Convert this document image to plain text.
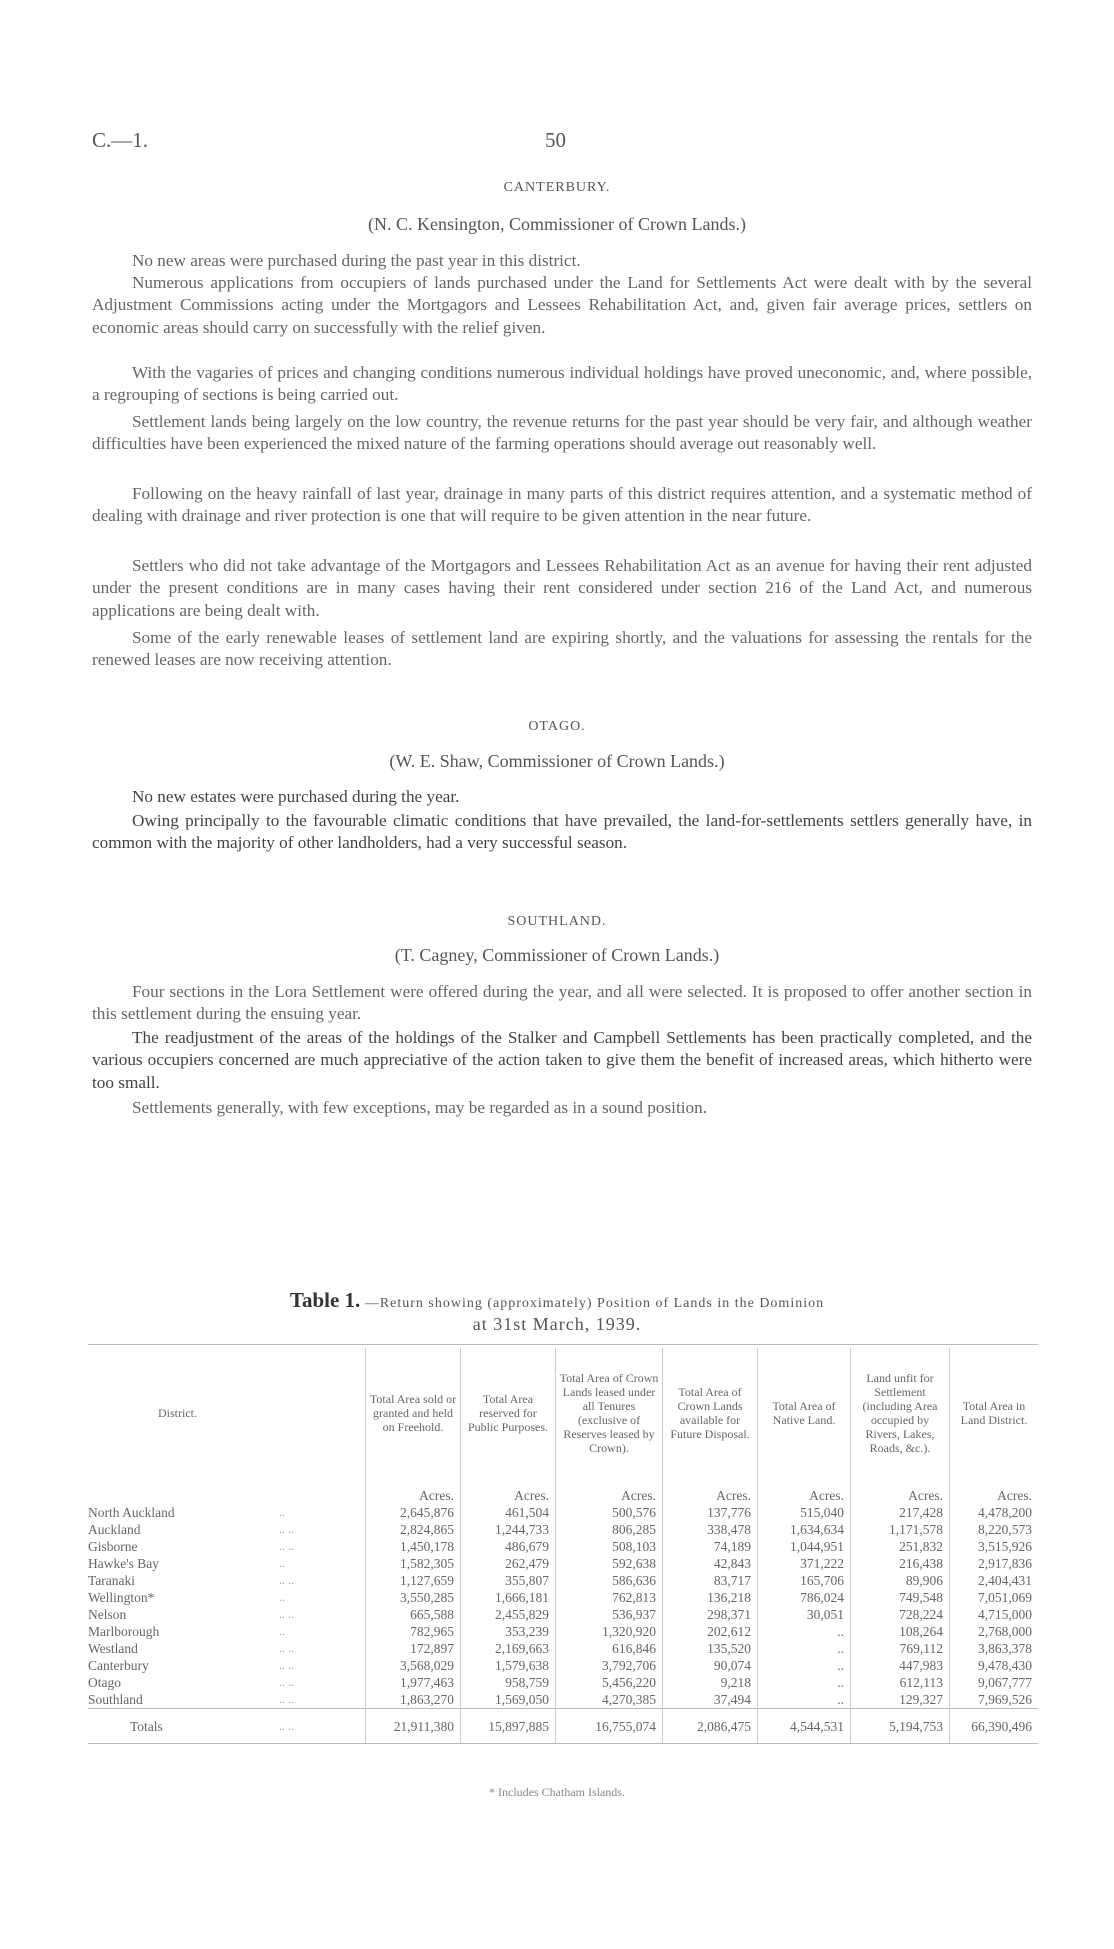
C.—1.	50
CANTERBURY.
(N. C. Kensington, Commissioner of Crown Lands.)
No new areas were purchased during the past year in this district.
Numerous applications from occupiers of lands purchased under the Land for Settlements Act were dealt with by the several Adjustment Commissions acting under the Mortgagors and Lessees Rehabilitation Act, and, given fair average prices, settlers on economic areas should carry on successfully with the relief given.
With the vagaries of prices and changing conditions numerous individual holdings have proved uneconomic, and, where possible, a regrouping of sections is being carried out.
Settlement lands being largely on the low country, the revenue returns for the past year should be very fair, and although weather difficulties have been experienced the mixed nature of the farming operations should average out reasonably well.
Following on the heavy rainfall of last year, drainage in many parts of this district requires attention, and a systematic method of dealing with drainage and river protection is one that will require to be given attention in the near future.
Settlers who did not take advantage of the Mortgagors and Lessees Rehabilitation Act as an avenue for having their rent adjusted under the present conditions are in many cases having their rent considered under section 216 of the Land Act, and numerous applications are being dealt with.
Some of the early renewable leases of settlement land are expiring shortly, and the valuations for assessing the rentals for the renewed leases are now receiving attention.
OTAGO.
(W. E. Shaw, Commissioner of Crown Lands.)
No new estates were purchased during the year.
Owing principally to the favourable climatic conditions that have prevailed, the land-for-settlements settlers generally have, in common with the majority of other landholders, had a very successful season.
SOUTHLAND.
(T. Cagney, Commissioner of Crown Lands.)
Four sections in the Lora Settlement were offered during the year, and all were selected. It is proposed to offer another section in this settlement during the ensuing year.
The readjustment of the areas of the holdings of the Stalker and Campbell Settlements has been practically completed, and the various occupiers concerned are much appreciative of the action taken to give them the benefit of increased areas, which hitherto were too small.
Settlements generally, with few exceptions, may be regarded as in a sound position.
Table 1. —Return showing (approximately) Position of Lands in the Dominion
at 31st March, 1939.
District.		Total Area sold or granted and held on Freehold.	Total Area reserved for Public Purposes.	Total Area of Crown Lands leased under all Tenures (exclusive of Reserves leased by Crown).	Total Area of Crown Lands available for Future Disposal.	Total Area of Native Land.	Land unfit for Settlement (including Area occupied by Rivers, Lakes, Roads, &c.).	Total Area in Land District.
		Acres.	Acres.	Acres.	Acres.	Acres.	Acres.	Acres.
North Auckland	..	2,645,876	461,504	500,576	137,776	515,040	217,428	4,478,200
Auckland	.. ..	2,824,865	1,244,733	806,285	338,478	1,634,634	1,171,578	8,220,573
Gisborne	.. ..	1,450,178	486,679	508,103	74,189	1,044,951	251,832	3,515,926
Hawke's Bay	..	1,582,305	262,479	592,638	42,843	371,222	216,438	2,917,836
Taranaki	.. ..	1,127,659	355,807	586,636	83,717	165,706	89,906	2,404,431
Wellington*	..	3,550,285	1,666,181	762,813	136,218	786,024	749,548	7,051,069
Nelson	.. ..	665,588	2,455,829	536,937	298,371	30,051	728,224	4,715,000
Marlborough	..	782,965	353,239	1,320,920	202,612	..	108,264	2,768,000
Westland	.. ..	172,897	2,169,663	616,846	135,520	..	769,112	3,863,378
Canterbury	.. ..	3,568,029	1,579,638	3,792,706	90,074	..	447,983	9,478,430
Otago	.. ..	1,977,463	958,759	5,456,220	9,218	..	612,113	9,067,777
Southland	.. ..	1,863,270	1,569,050	4,270,385	37,494	..	129,327	7,969,526
Totals	.. ..	21,911,380	15,897,885	16,755,074	2,086,475	4,544,531	5,194,753	66,390,496
* Includes Chatham Islands.
